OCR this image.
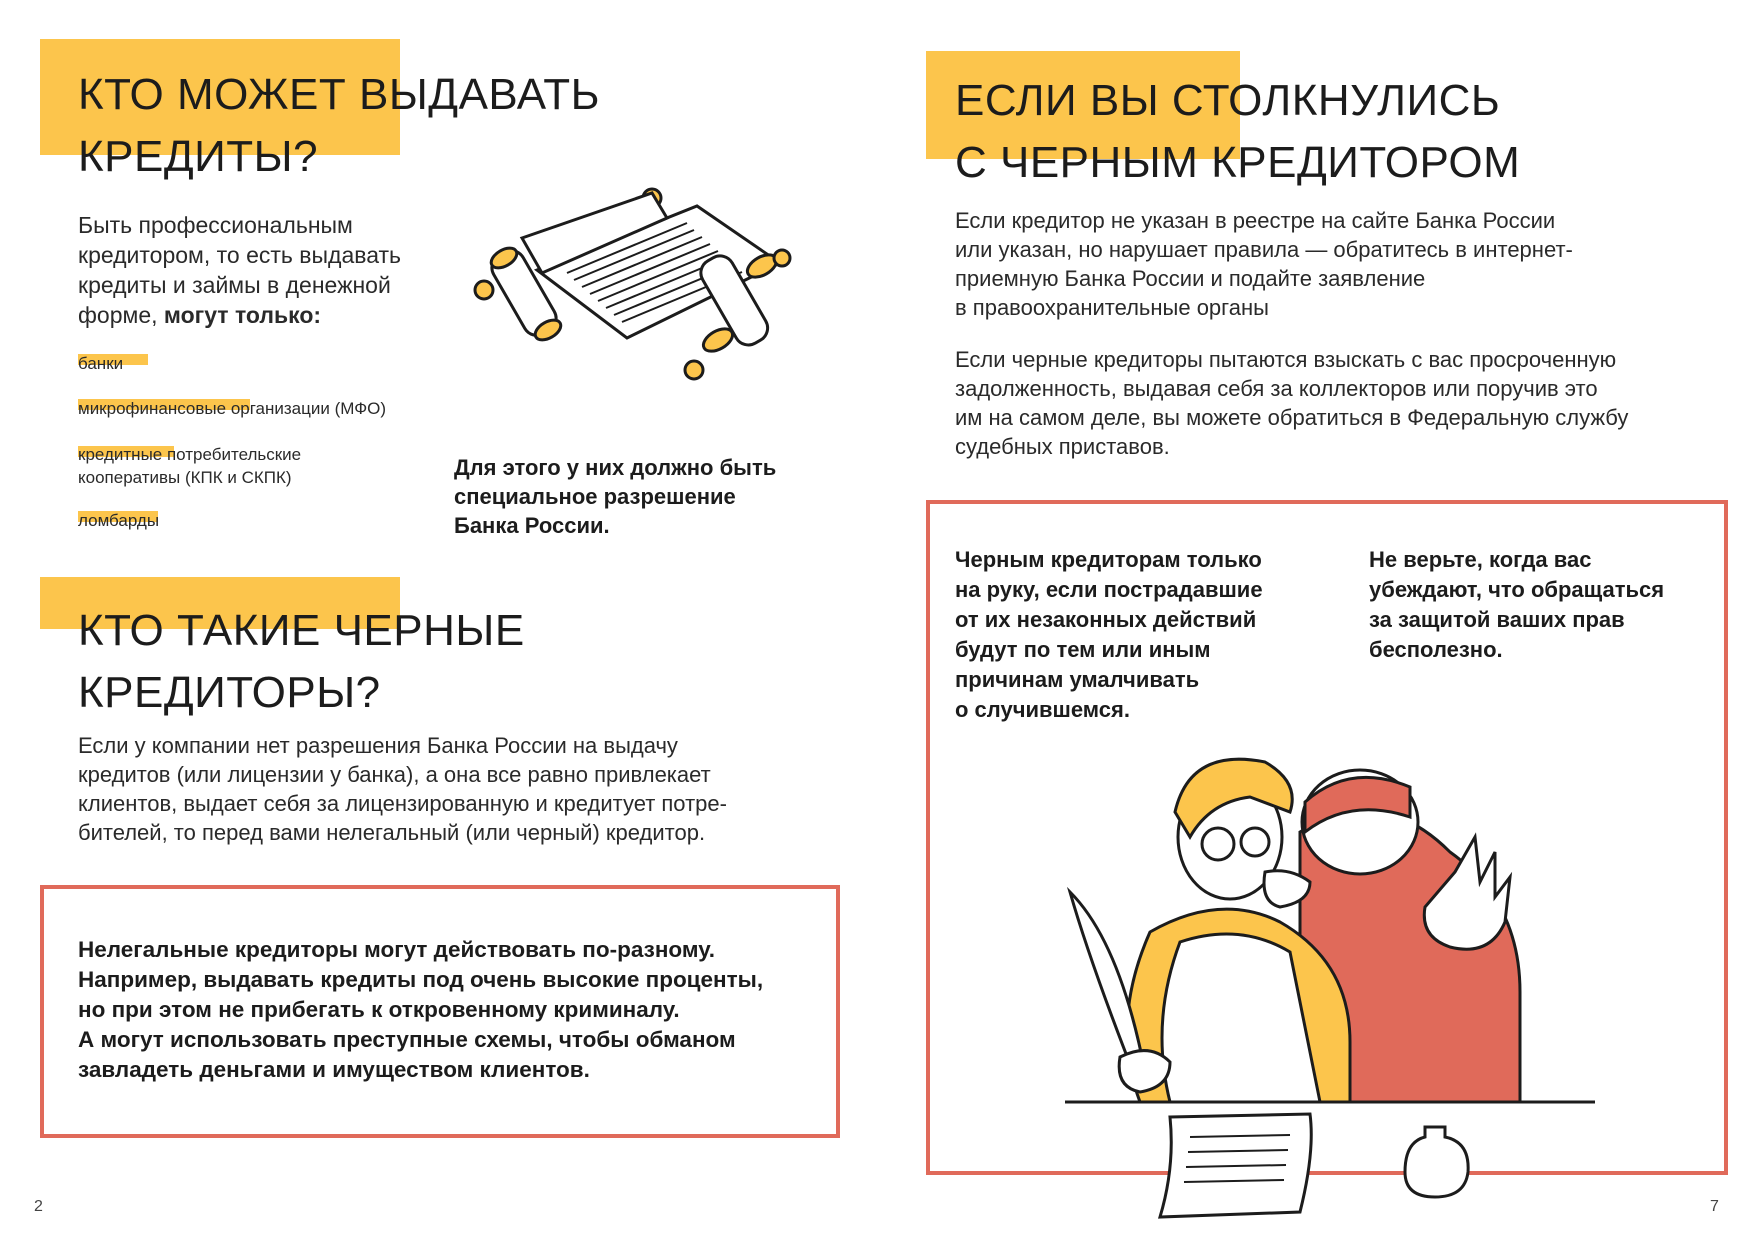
КТО МОЖЕТ ВЫДАВАТЬ
КРЕДИТЫ?
Быть профессиональным
кредитором, то есть выдавать
кредиты и займы в денежной
форме, могут только:
банки
микрофинансовые организации (МФО)
кредитные потребительские
кооперативы (КПК и СКПК)
ломбарды
Для этого у них должно быть
специальное разрешение
Банка России.
КТО ТАКИЕ ЧЕРНЫЕ
КРЕДИТОРЫ?
Если у компании нет разрешения Банка России на выдачу
кредитов (или лицензии у банка), а она все равно привлекает
клиентов, выдает себя за лицензированную и кредитует потре-
бителей, то перед вами нелегальный (или черный) кредитор.
Нелегальные кредиторы могут действовать по-разному.
Например, выдавать кредиты под очень высокие проценты,
но при этом не прибегать к откровенному криминалу.
А могут использовать преступные схемы, чтобы обманом
завладеть деньгами и имуществом клиентов.
2
ЕСЛИ ВЫ СТОЛКНУЛИСЬ
С ЧЕРНЫМ КРЕДИТОРОМ
Если кредитор не указан в реестре на сайте Банка России
или указан, но нарушает правила — обратитесь в интернет-
приемную Банка России и подайте заявление
в правоохранительные органы
Если черные кредиторы пытаются взыскать с вас просроченную
задолженность, выдавая себя за коллекторов или поручив это
им на самом деле, вы можете обратиться в Федеральную службу
судебных приставов.
Черным кредиторам только
на руку, если пострадавшие
от их незаконных действий
будут по тем или иным
причинам умалчивать
о случившемся.
Не верьте, когда вас
убеждают, что обращаться
за защитой ваших прав
бесполезно.
7
